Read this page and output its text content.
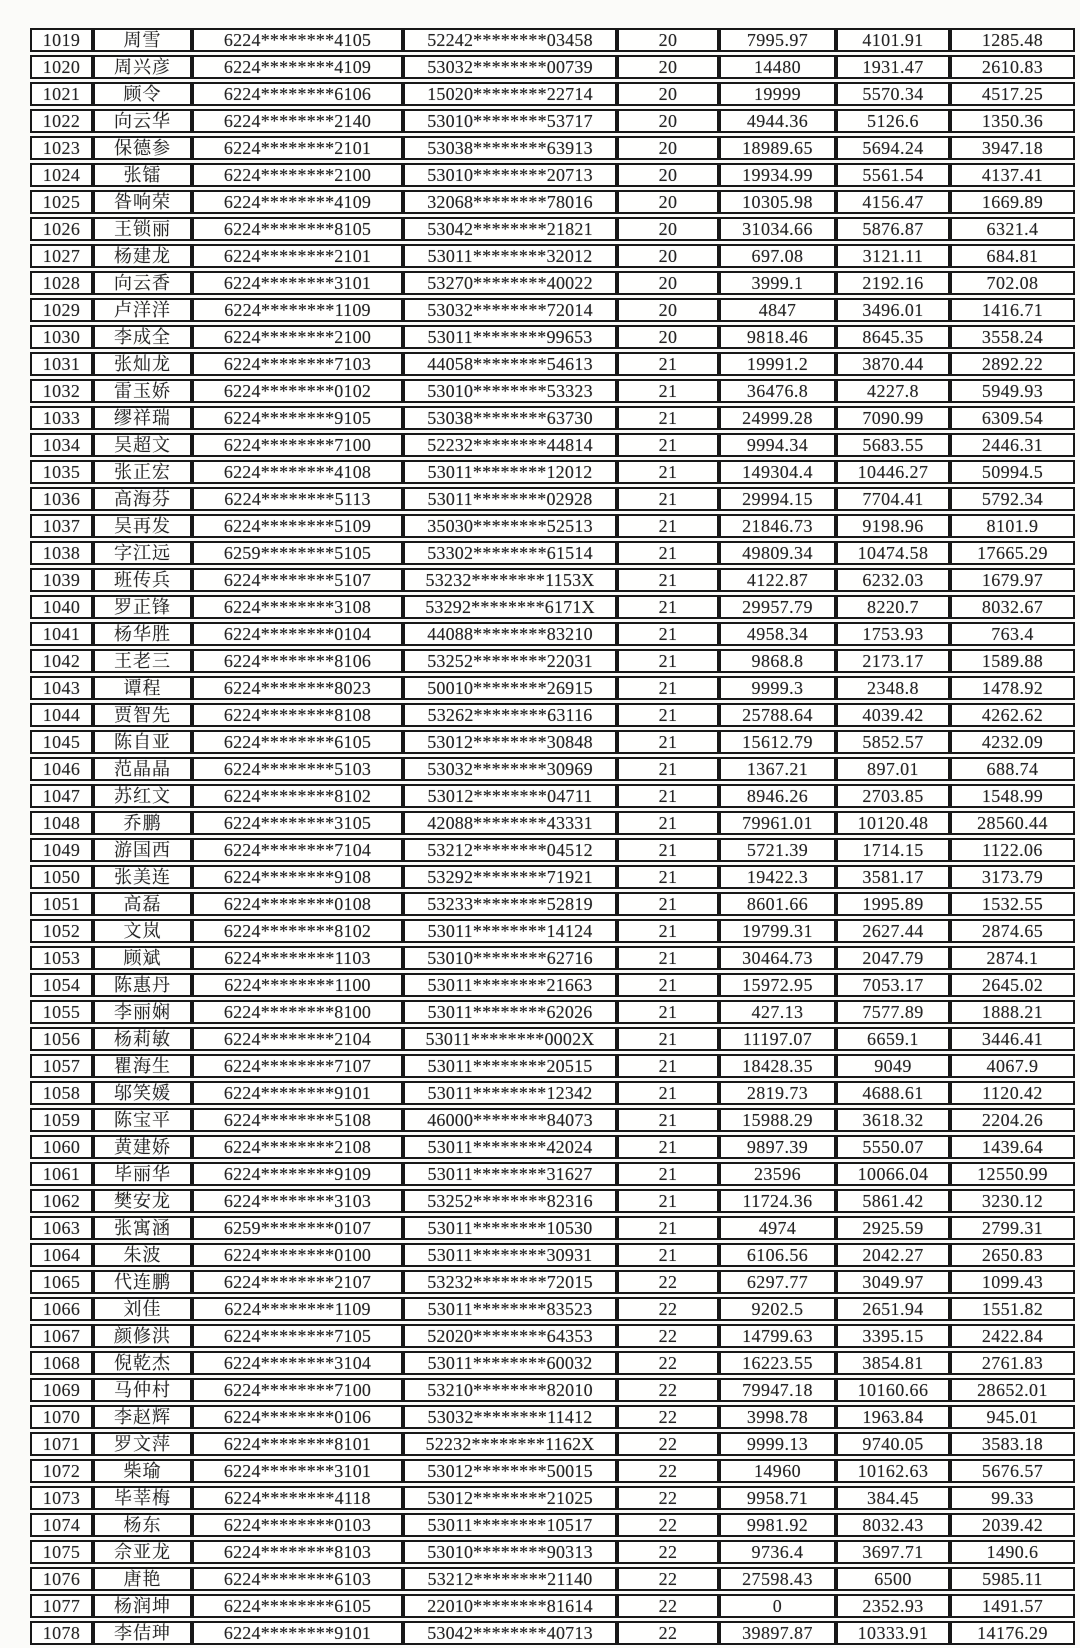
1019	周雪	6224********4105	52242********03458	20	7995.97	4101.91	1285.48
1020	周兴彦	6224********4109	53032********00739	20	14480	1931.47	2610.83
1021	顾令	6224********6106	15020********22714	20	19999	5570.34	4517.25
1022	向云华	6224********2140	53010********53717	20	4944.36	5126.6	1350.36
1023	保德参	6224********2101	53038********63913	20	18989.65	5694.24	3947.18
1024	张镭	6224********2100	53010********20713	20	19934.99	5561.54	4137.41
1025	昝响荣	6224********4109	32068********78016	20	10305.98	4156.47	1669.89
1026	王锁丽	6224********8105	53042********21821	20	31034.66	5876.87	6321.4
1027	杨建龙	6224********2101	53011********32012	20	697.08	3121.11	684.81
1028	向云香	6224********3101	53270********40022	20	3999.1	2192.16	702.08
1029	卢洋洋	6224********1109	53032********72014	20	4847	3496.01	1416.71
1030	李成全	6224********2100	53011********99653	20	9818.46	8645.35	3558.24
1031	张灿龙	6224********7103	44058********54613	21	19991.2	3870.44	2892.22
1032	雷玉娇	6224********0102	53010********53323	21	36476.8	4227.8	5949.93
1033	缪祥瑞	6224********9105	53038********63730	21	24999.28	7090.99	6309.54
1034	吴超文	6224********7100	52232********44814	21	9994.34	5683.55	2446.31
1035	张正宏	6224********4108	53011********12012	21	149304.4	10446.27	50994.5
1036	高海芬	6224********5113	53011********02928	21	29994.15	7704.41	5792.34
1037	吴再发	6224********5109	35030********52513	21	21846.73	9198.96	8101.9
1038	字江远	6259********5105	53302********61514	21	49809.34	10474.58	17665.29
1039	班传兵	6224********5107	53232********1153X	21	4122.87	6232.03	1679.97
1040	罗正锋	6224********3108	53292********6171X	21	29957.79	8220.7	8032.67
1041	杨华胜	6224********0104	44088********83210	21	4958.34	1753.93	763.4
1042	王老三	6224********8106	53252********22031	21	9868.8	2173.17	1589.88
1043	谭程	6224********8023	50010********26915	21	9999.3	2348.8	1478.92
1044	贾智先	6224********8108	53262********63116	21	25788.64	4039.42	4262.62
1045	陈自亚	6224********6105	53012********30848	21	15612.79	5852.57	4232.09
1046	范晶晶	6224********5103	53032********30969	21	1367.21	897.01	688.74
1047	苏红文	6224********8102	53012********04711	21	8946.26	2703.85	1548.99
1048	乔鹏	6224********3105	42088********43331	21	79961.01	10120.48	28560.44
1049	游国西	6224********7104	53212********04512	21	5721.39	1714.15	1122.06
1050	张美连	6224********9108	53292********71921	21	19422.3	3581.17	3173.79
1051	高磊	6224********0108	53233********52819	21	8601.66	1995.89	1532.55
1052	文岚	6224********8102	53011********14124	21	19799.31	2627.44	2874.65
1053	顾斌	6224********1103	53010********62716	21	30464.73	2047.79	2874.1
1054	陈惠丹	6224********1100	53011********21663	21	15972.95	7053.17	2645.02
1055	李丽娴	6224********8100	53011********62026	21	427.13	7577.89	1888.21
1056	杨莉敏	6224********2104	53011********0002X	21	11197.07	6659.1	3446.41
1057	瞿海生	6224********7107	53011********20515	21	18428.35	9049	4067.9
1058	邬笑媛	6224********9101	53011********12342	21	2819.73	4688.61	1120.42
1059	陈宝平	6224********5108	46000********84073	21	15988.29	3618.32	2204.26
1060	黄建娇	6224********2108	53011********42024	21	9897.39	5550.07	1439.64
1061	毕丽华	6224********9109	53011********31627	21	23596	10066.04	12550.99
1062	樊安龙	6224********3103	53252********82316	21	11724.36	5861.42	3230.12
1063	张寓涵	6259********0107	53011********10530	21	4974	2925.59	2799.31
1064	朱波	6224********0100	53011********30931	21	6106.56	2042.27	2650.83
1065	代连鹏	6224********2107	53232********72015	22	6297.77	3049.97	1099.43
1066	刘佳	6224********1109	53011********83523	22	9202.5	2651.94	1551.82
1067	颜修洪	6224********7105	52020********64353	22	14799.63	3395.15	2422.84
1068	倪乾杰	6224********3104	53011********60032	22	16223.55	3854.81	2761.83
1069	马仲村	6224********7100	53210********82010	22	79947.18	10160.66	28652.01
1070	李赵辉	6224********0106	53032********11412	22	3998.78	1963.84	945.01
1071	罗文萍	6224********8101	52232********1162X	22	9999.13	9740.05	3583.18
1072	柴瑜	6224********3101	53012********50015	22	14960	10162.63	5676.57
1073	毕莘梅	6224********4118	53012********21025	22	9958.71	384.45	99.33
1074	杨东	6224********0103	53011********10517	22	9981.92	8032.43	2039.42
1075	佘亚龙	6224********8103	53010********90313	22	9736.4	3697.71	1490.6
1076	唐艳	6224********6103	53212********21140	22	27598.43	6500	5985.11
1077	杨润坤	6224********6105	22010********81614	22	0	2352.93	1491.57
1078	李佶珅	6224********9101	53042********40713	22	39897.87	10333.91	14176.29
